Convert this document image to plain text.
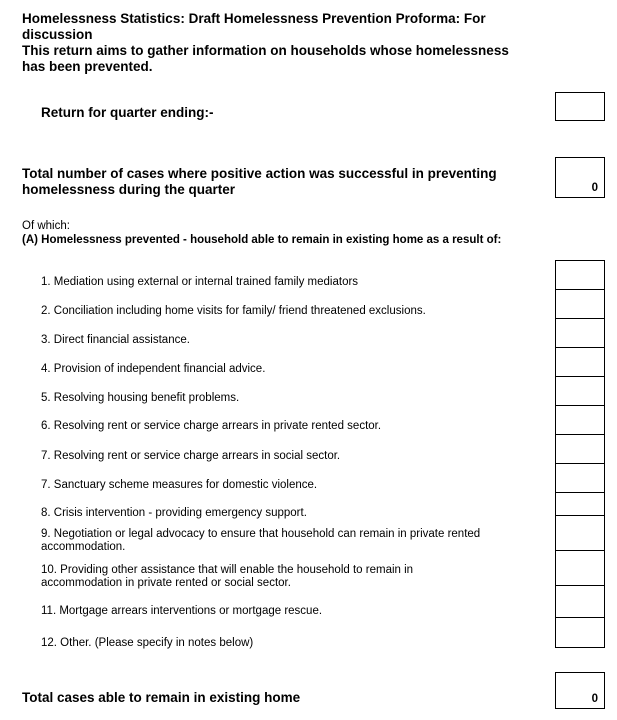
Homelessness Statistics: Draft Homelessness Prevention Proforma: For discussion
This return aims to gather information on households whose homelessness has been prevented.
Return for quarter ending:-
Total number of cases where positive action was successful in preventing homelessness during the quarter	0
Of which:
(A) Homelessness prevented - household able to remain in existing home as a result of:
1. Mediation using external or internal trained family mediators
2. Conciliation including home visits for family/ friend threatened exclusions.
3. Direct financial assistance.
4. Provision of independent financial advice.
5. Resolving housing benefit problems.
6. Resolving rent or service charge arrears in private rented sector.
7. Resolving rent or service charge arrears in social sector.
7. Sanctuary scheme measures for domestic violence.
8. Crisis intervention - providing emergency support.
9. Negotiation or legal advocacy to ensure that household can remain in private rented accommodation.
10. Providing other assistance that will enable the household to remain in accommodation in private rented or social sector.
11. Mortgage arrears interventions or mortgage rescue.
12. Other. (Please specify in notes below)
Total cases able to remain in existing home	0
